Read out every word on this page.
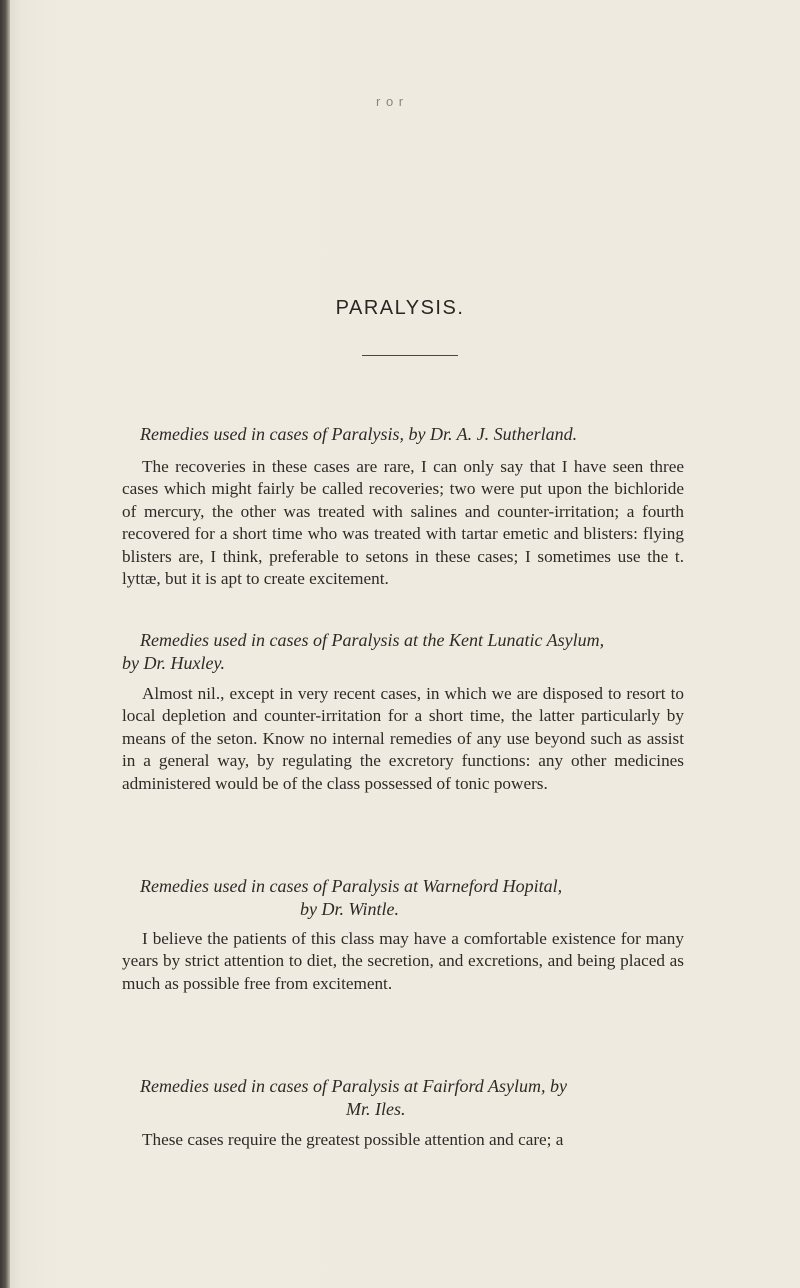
r o r
PARALYSIS.

Remedies used in cases of Paralysis, by Dr. A. J. Sutherland.

The recoveries in these cases are rare, I can only say that I have seen three cases which might fairly be called recoveries; two were put upon the bichloride of mercury, the other was treated with salines and counter-irritation; a fourth recovered for a short time who was treated with tartar emetic and blisters: flying blisters are, I think, preferable to setons in these cases; I sometimes use the t. lyttæ, but it is apt to create excitement.

Remedies used in cases of Paralysis at the Kent Lunatic Asylum,

by Dr. Huxley.

Almost nil., except in very recent cases, in which we are disposed to resort to local depletion and counter-irritation for a short time, the latter particularly by means of the seton. Know no internal remedies of any use beyond such as assist in a general way, by regulating the excretory functions: any other medicines administered would be of the class possessed of tonic powers.

Remedies used in cases of Paralysis at Warneford Hopital,

by Dr. Wintle.

I believe the patients of this class may have a comfortable existence for many years by strict attention to diet, the secretion, and excretions, and being placed as much as possible free from excitement.

Remedies used in cases of Paralysis at Fairford Asylum, by

Mr. Iles.

These cases require the greatest possible attention and care; a
